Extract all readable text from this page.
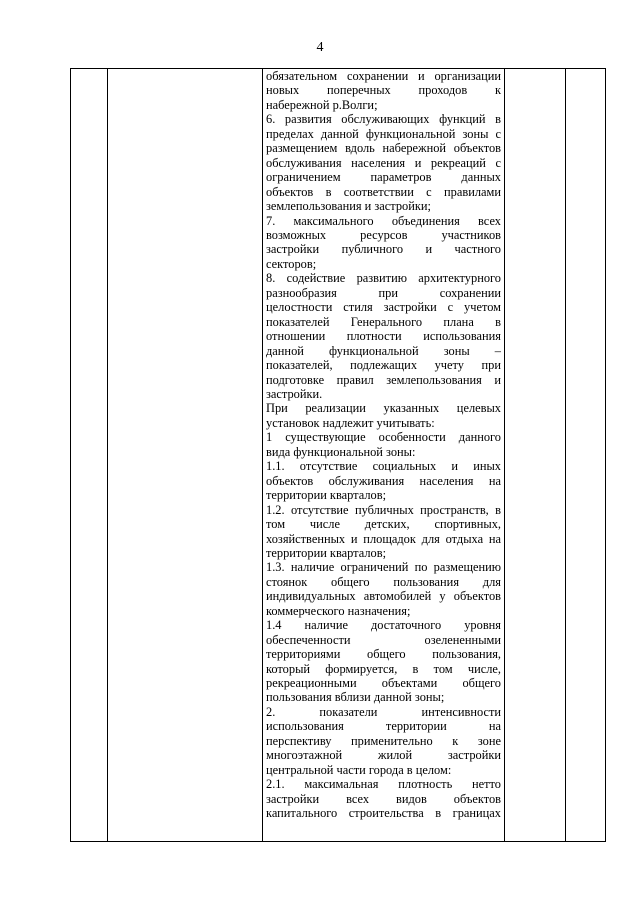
4
обязательном сохранении и организации
новых поперечных проходов к
набережной р.Волги;
6. развития обслуживающих функций в
пределах данной функциональной зоны с
размещением вдоль набережной объектов
обслуживания населения и рекреаций с
ограничением параметров данных
объектов в соответствии с правилами
землепользования и застройки;
7. максимального объединения всех
возможных ресурсов участников
застройки публичного и частного
секторов;
8. содействие развитию архитектурного
разнообразия при сохранении
целостности стиля застройки с учетом
показателей Генерального плана в
отношении плотности использования
данной функциональной зоны –
показателей, подлежащих учету при
подготовке правил землепользования и
застройки.
При реализации указанных целевых
установок надлежит учитывать:
1 существующие особенности данного
вида функциональной зоны:
1.1. отсутствие социальных и иных
объектов обслуживания населения на
территории кварталов;
1.2. отсутствие публичных пространств, в
том числе детских, спортивных,
хозяйственных и площадок для отдыха на
территории кварталов;
1.3. наличие ограничений по размещению
стоянок общего пользования для
индивидуальных автомобилей у объектов
коммерческого назначения;
1.4 наличие достаточного уровня
обеспеченности озелененными
территориями общего пользования,
который формируется, в том числе,
рекреационными объектами общего
пользования вблизи данной зоны;
2. показатели интенсивности
использования территории на
перспективу применительно к зоне
многоэтажной жилой застройки
центральной части города в целом:
2.1. максимальная плотность нетто
застройки всех видов объектов
капитального строительства в границах
